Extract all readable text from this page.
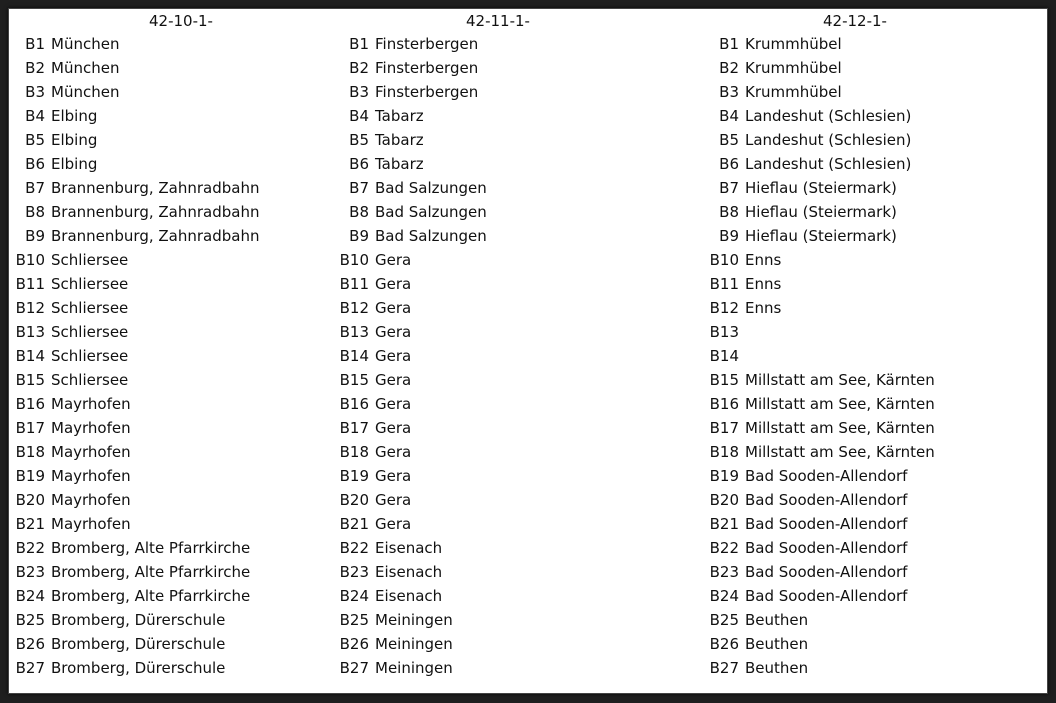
42-10-1-
B1 München
B2 München
B3 München
B4 Elbing
B5 Elbing
B6 Elbing
B7 Brannenburg, Zahnradbahn
B8 Brannenburg, Zahnradbahn
B9 Brannenburg, Zahnradbahn
B10 Schliersee
B11 Schliersee
B12 Schliersee
B13 Schliersee
B14 Schliersee
B15 Schliersee
B16 Mayrhofen
B17 Mayrhofen
B18 Mayrhofen
B19 Mayrhofen
B20 Mayrhofen
B21 Mayrhofen
B22 Bromberg, Alte Pfarrkirche
B23 Bromberg, Alte Pfarrkirche
B24 Bromberg, Alte Pfarrkirche
B25 Bromberg, Dürerschule
B26 Bromberg, Dürerschule
B27 Bromberg, Dürerschule
42-11-1-
B1 Finsterbergen
B2 Finsterbergen
B3 Finsterbergen
B4 Tabarz
B5 Tabarz
B6 Tabarz
B7 Bad Salzungen
B8 Bad Salzungen
B9 Bad Salzungen
B10 Gera
B11 Gera
B12 Gera
B13 Gera
B14 Gera
B15 Gera
B16 Gera
B17 Gera
B18 Gera
B19 Gera
B20 Gera
B21 Gera
B22 Eisenach
B23 Eisenach
B24 Eisenach
B25 Meiningen
B26 Meiningen
B27 Meiningen
42-12-1-
B1 Krummhübel
B2 Krummhübel
B3 Krummhübel
B4 Landeshut (Schlesien)
B5 Landeshut (Schlesien)
B6 Landeshut (Schlesien)
B7 Hieflau (Steiermark)
B8 Hieflau (Steiermark)
B9 Hieflau (Steiermark)
B10 Enns
B11 Enns
B12 Enns
B13
B14
B15 Millstatt am See, Kärnten
B16 Millstatt am See, Kärnten
B17 Millstatt am See, Kärnten
B18 Millstatt am See, Kärnten
B19 Bad Sooden-Allendorf
B20 Bad Sooden-Allendorf
B21 Bad Sooden-Allendorf
B22 Bad Sooden-Allendorf
B23 Bad Sooden-Allendorf
B24 Bad Sooden-Allendorf
B25 Beuthen
B26 Beuthen
B27 Beuthen
